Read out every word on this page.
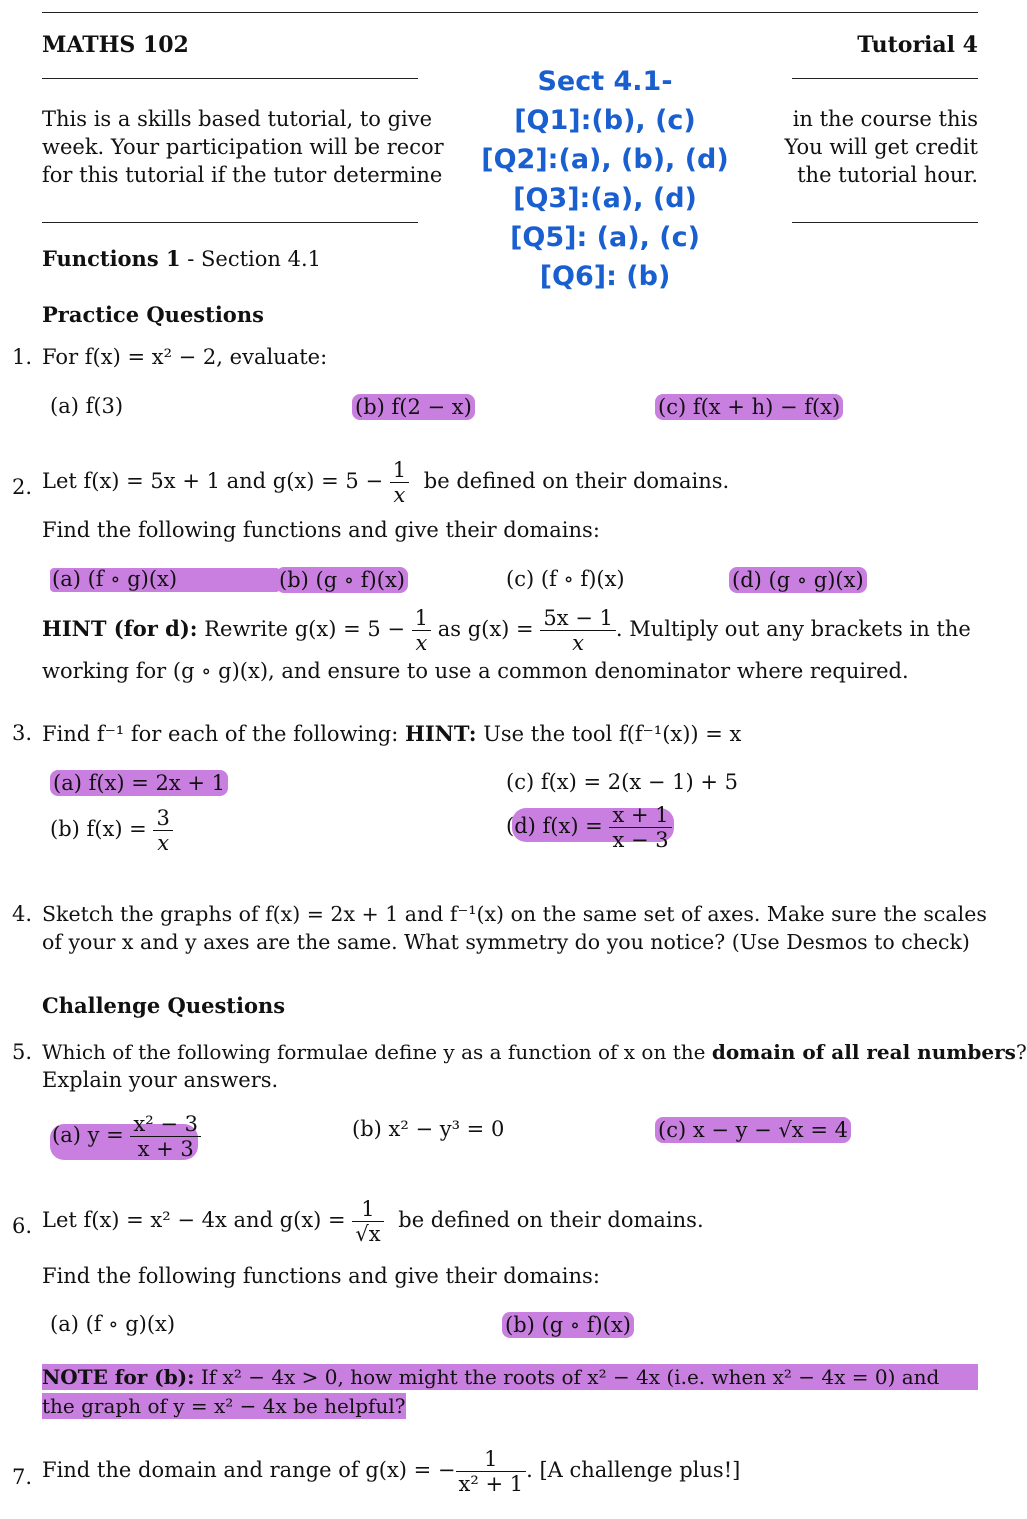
MATHS 102	Tutorial 4
This is a skills based tutorial, to give
week. Your participation will be recor
for this tutorial if the tutor determine
in the course this
You will get credit
the tutorial hour.
Sect 4.1-
[Q1]:(b), (c)
[Q2]:(a), (b), (d)
[Q3]:(a), (d)
[Q5]: (a), (c)
[Q6]: (b)
Functions 1 - Section 4.1
Practice Questions
1. For f(x) = x² − 2, evaluate:
(a) f(3)	(b) f(2 − x)	(c) f(x + h) − f(x)
2. Let f(x) = 5x + 1 and $g(x) = 5 - \frac{1}{x}$ be defined on their domains.
Find the following functions and give their domains:
(a) (f ∘ g)(x)	(b) (g ∘ f)(x)	(c) (f ∘ f)(x)	(d) (g ∘ g)(x)
HINT (for d): Rewrite $g(x) = 5 - \frac{1}{x}$ as $g(x) = \frac{5x - 1}{x}$ . Multiply out any brackets in the
working for (g ∘ g)(x), and ensure to use a common denominator where required.
3. Find f⁻¹ for each of the following: HINT: Use the tool f(f⁻¹(x)) = x
(a) f(x) = 2x + 1	(c) f(x) = 2(x − 1) + 5
(b) $f(x) = \frac{3}{x}$	(d) $f(x) = \frac{x + 1}{x - 3}$
4. Sketch the graphs of f(x) = 2x + 1 and f⁻¹(x) on the same set of axes. Make sure the scales
of your x and y axes are the same. What symmetry do you notice? (Use Desmos to check)
Challenge Questions
5. Which of the following formulae define y as a function of x on the domain of all real numbers?
Explain your answers.
(a) $y = \frac{\text{x² − 3}}{x + 3}$	(b) x² − y³ = 0	(c) x − y − √x = 4
6. Let f(x) = x² − 4x and $g(x) = \frac{1}{√x}$ be defined on their domains.
Find the following functions and give their domains:
(a) (f ∘ g)(x)	(b) (g ∘ f)(x)
NOTE for (b): If x² − 4x > 0, how might the roots of x² − 4x (i.e. when x² − 4x = 0) and
the graph of y = x² − 4x be helpful?
7. Find the domain and range of g(x) = − $\frac{1}{\text{x² + 1}}$ . [A challenge plus!]
